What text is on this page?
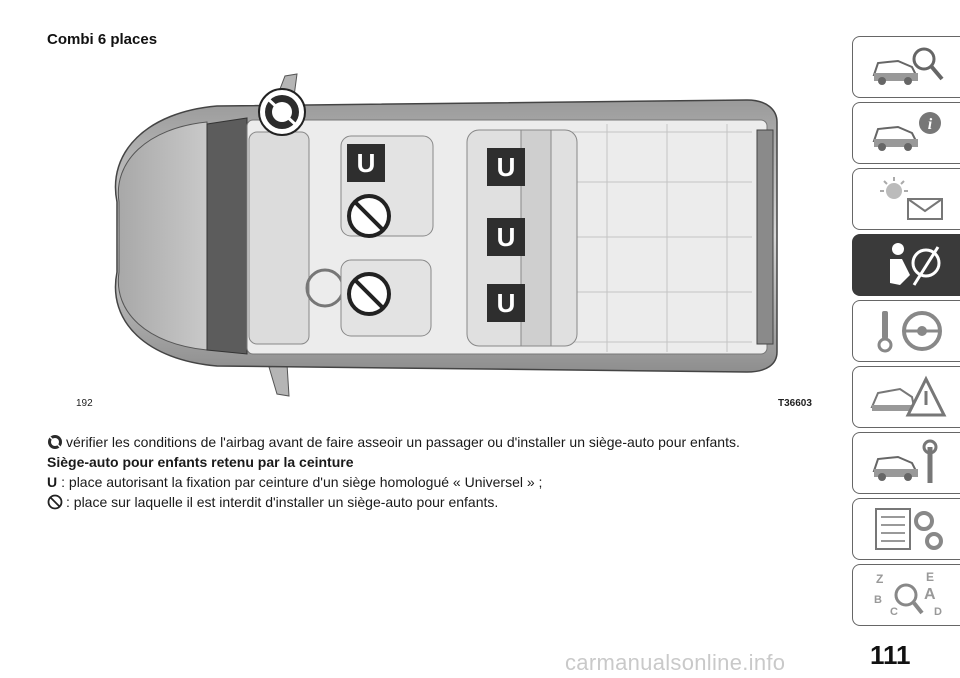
Combi 6 places
U	U
U
U
192	T36603
vérifier les conditions de l'airbag avant de faire asseoir un passager ou d'installer un siège-auto pour enfants.
Siège-auto pour enfants retenu par la ceinture
U : place autorisant la fixation par ceinture d'un siège homologué « Universel » ;
: place sur laquelle il est interdit d'installer un siège-auto pour enfants.
i
Z	E
B	A
C	D
111
carmanualsonline.info
